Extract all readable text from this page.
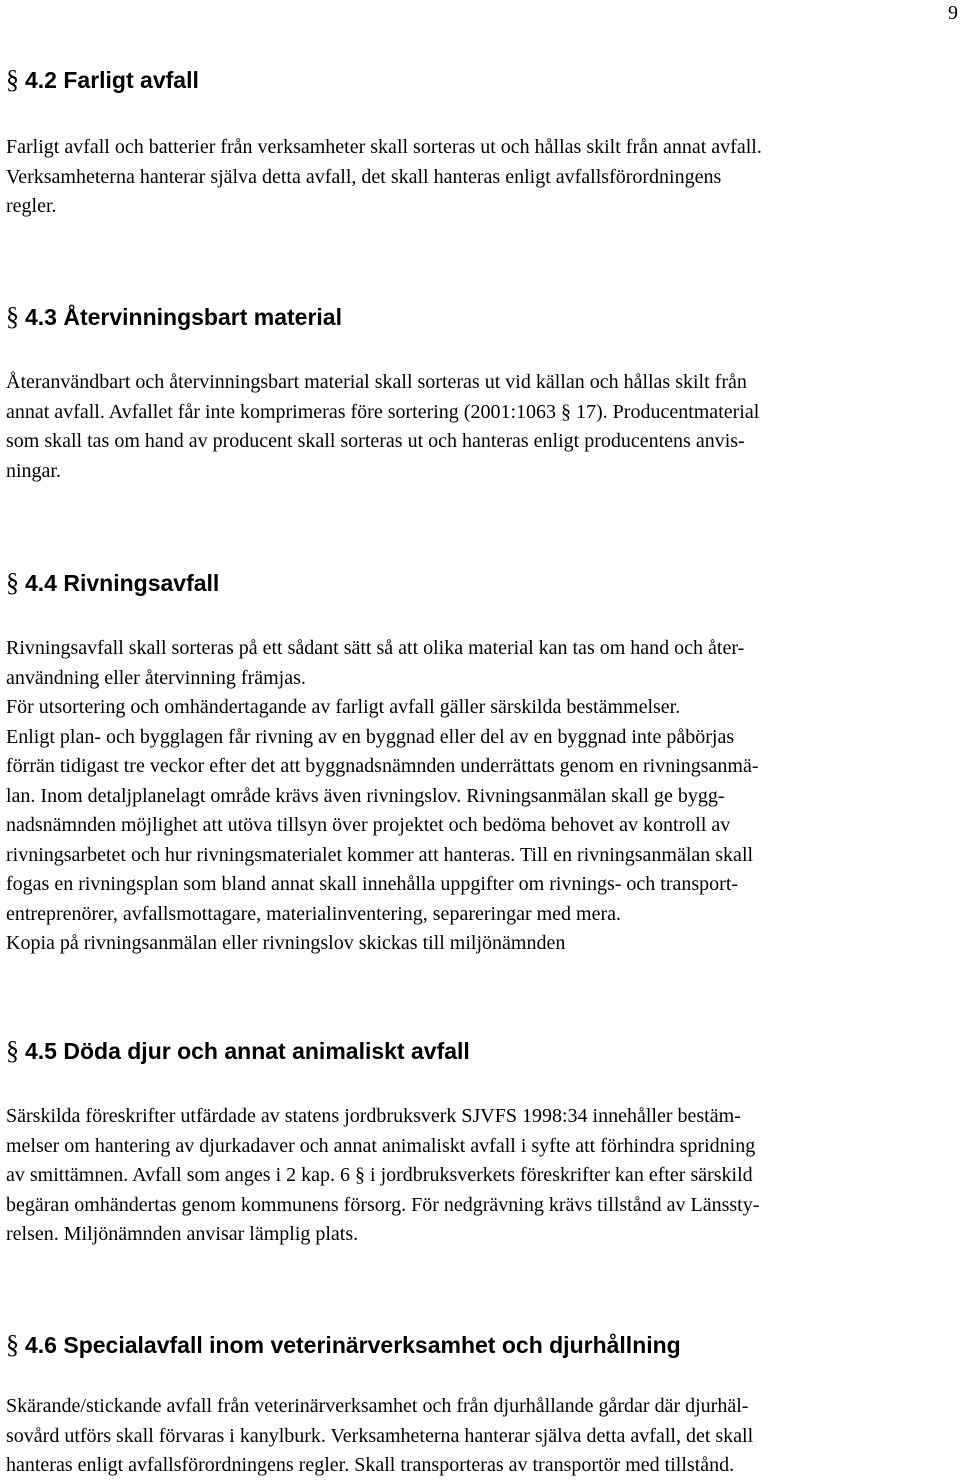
9
§ 4.2 Farligt avfall

Farligt avfall och batterier från verksamheter skall sorteras ut och hållas skilt från annat avfall.
Verksamheterna hanterar själva detta avfall, det skall hanteras enligt avfallsförordningens
regler.

§ 4.3 Återvinningsbart material

Återanvändbart och återvinningsbart material skall sorteras ut vid källan och hållas skilt från
annat avfall. Avfallet får inte komprimeras före sortering (2001:1063 § 17). Producentmaterial
som skall tas om hand av producent skall sorteras ut och hanteras enligt producentens anvis-
ningar.

§ 4.4 Rivningsavfall

Rivningsavfall skall sorteras på ett sådant sätt så att olika material kan tas om hand och åter-
användning eller återvinning främjas.
För utsortering och omhändertagande av farligt avfall gäller särskilda bestämmelser.
Enligt plan- och bygglagen får rivning av en byggnad eller del av en byggnad inte påbörjas
förrän tidigast tre veckor efter det att byggnadsnämnden underrättats genom en rivningsanmä-
lan. Inom detaljplanelagt område krävs även rivningslov. Rivningsanmälan skall ge bygg-
nadsnämnden möjlighet att utöva tillsyn över projektet och bedöma behovet av kontroll av
rivningsarbetet och hur rivningsmaterialet kommer att hanteras. Till en rivningsanmälan skall
fogas en rivningsplan som bland annat skall innehålla uppgifter om rivnings- och transport-
entreprenörer, avfallsmottagare, materialinventering, separeringar med mera.
Kopia på rivningsanmälan eller rivningslov skickas till miljönämnden

§ 4.5 Döda djur och annat animaliskt avfall

Särskilda föreskrifter utfärdade av statens jordbruksverk SJVFS 1998:34 innehåller bestäm-
melser om hantering av djurkadaver och annat animaliskt avfall i syfte att förhindra spridning
av smittämnen. Avfall som anges i 2 kap. 6 § i jordbruksverkets föreskrifter kan efter särskild
begäran omhändertas genom kommunens försorg. För nedgrävning krävs tillstånd av Länssty-
relsen. Miljönämnden anvisar lämplig plats.

§ 4.6 Specialavfall inom veterinärverksamhet och djurhållning

Skärande/stickande avfall från veterinärverksamhet och från djurhållande gårdar där djurhäl-
sovård utförs skall förvaras i kanylburk. Verksamheterna hanterar själva detta avfall, det skall
hanteras enligt avfallsförordningens regler. Skall transporteras av transportör med tillstånd.
